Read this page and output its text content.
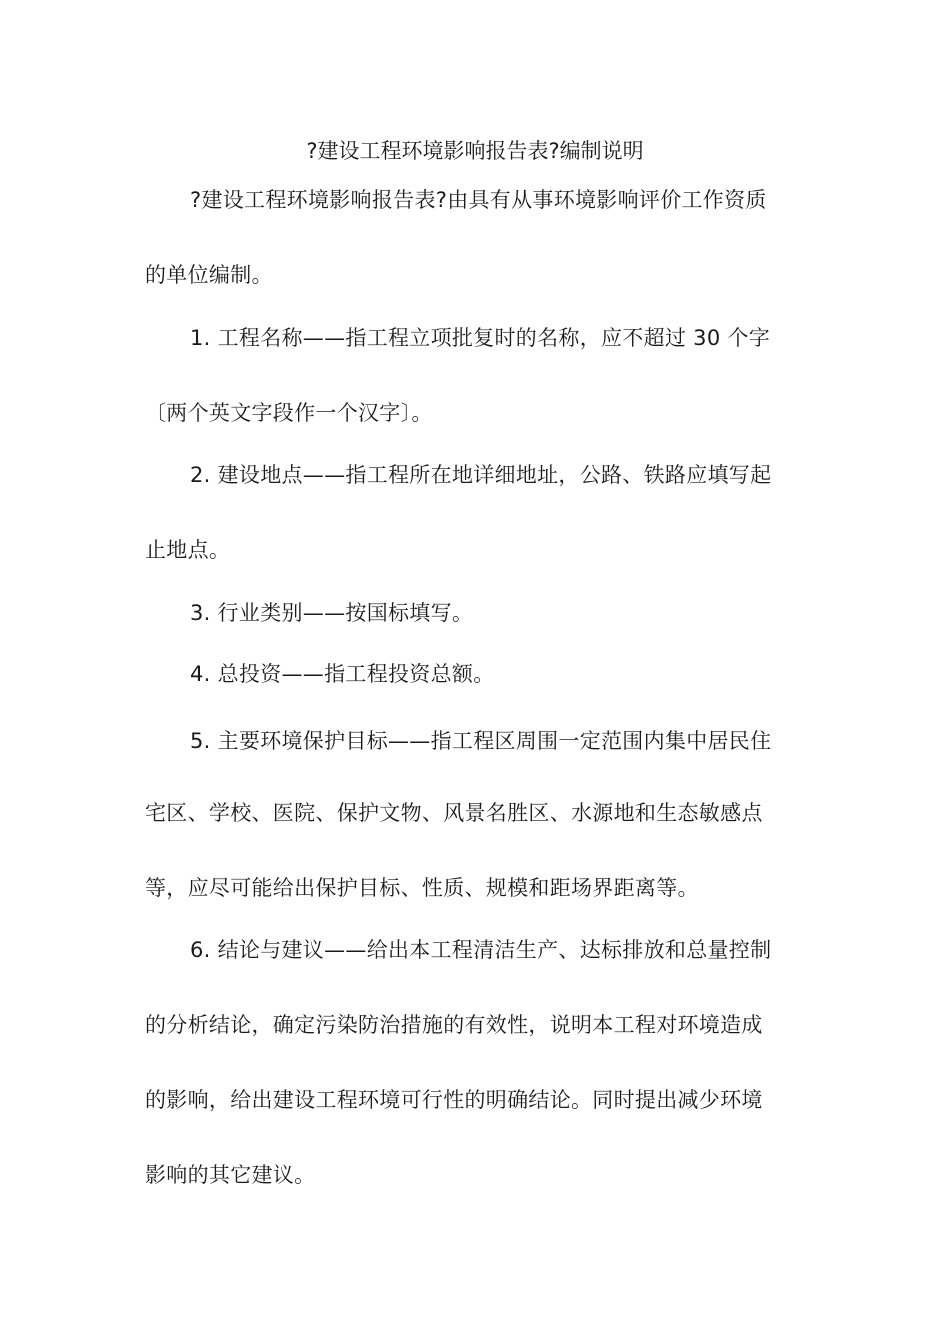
?建设工程环境影响报告表?编制说明
?建设工程环境影响报告表?由具有从事环境影响评价工作资质
的单位编制。
1. 工程名称——指工程立项批复时的名称，应不超过 30 个字
〔两个英文字段作一个汉字〕。
2. 建设地点——指工程所在地详细地址，公路、铁路应填写起
止地点。
3. 行业类别——按国标填写。
4. 总投资——指工程投资总额。
5. 主要环境保护目标——指工程区周围一定范围内集中居民住
宅区、学校、医院、保护文物、风景名胜区、水源地和生态敏感点
等，应尽可能给出保护目标、性质、规模和距场界距离等。
6. 结论与建议——给出本工程清洁生产、达标排放和总量控制
的分析结论，确定污染防治措施的有效性，说明本工程对环境造成
的影响，给出建设工程环境可行性的明确结论。同时提出减少环境
影响的其它建议。
